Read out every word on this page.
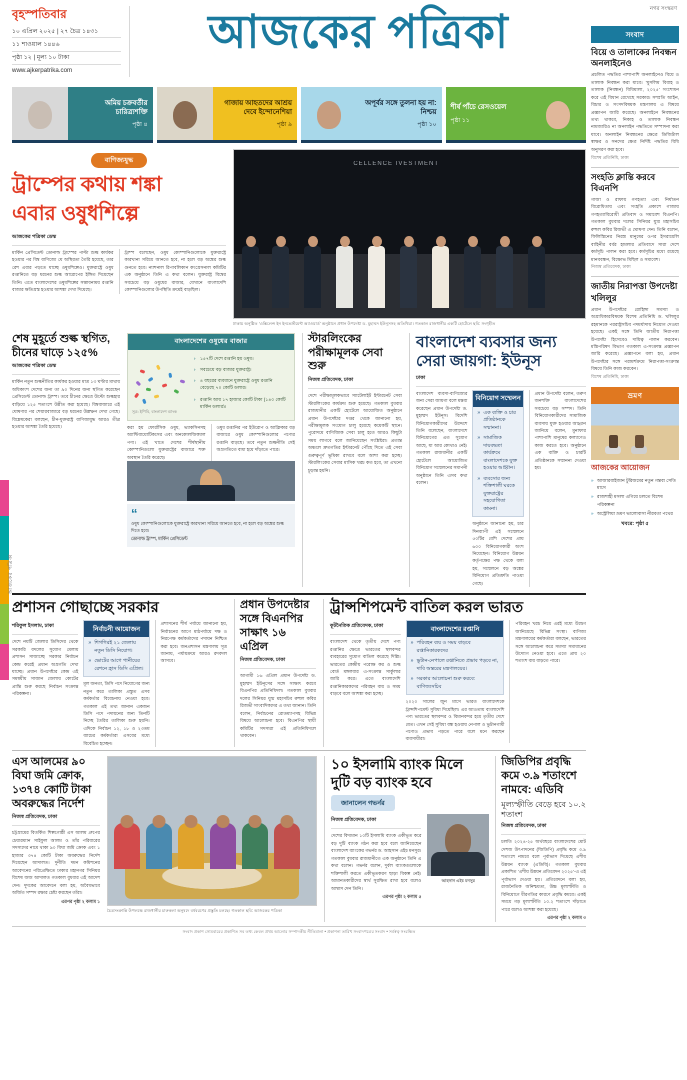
আজকের পত্রিকা
বৃহস্পতিবার
১০ এপ্রিল ২০২৫ | ২৭ চৈত্র ১৪৩১
১১ শাওয়াল ১৪৪৬
পৃষ্ঠা ১২ | মূল্য ১০ টাকা
www.ajkerpatrika.com
আজকের পত্রিকা	নগর সংস্করণ
সংবাদ
বিয়ে ও তালাকের নিবন্ধন অনলাইনেও
প্রচলিত পদ্ধতির পাশাপাশি অনলাইনেও বিয়ে ও তালাক নিবন্ধন করা যাবে। ‘মুসলিম বিবাহ ও তালাক (নিবন্ধন) বিধিমালা, ২০২৫’ সংশোধন করে এই বিধান রেখেছে সরকার। সম্প্রতি আইন, বিচার ও সংসদবিষয়ক মন্ত্রণালয় এ বিষয়ে প্রজ্ঞাপন জারি করেছে। অনলাইনে নিবন্ধনের তথ্য থাকবে, নিকাহ ও তালাক নিবন্ধন নামজারিও না অনলাইন পদ্ধতিতে সম্পাদনা করা যাবে। অনলাইন নিবন্ধনের ক্ষেত্রে ডিজিটাল স্বাক্ষর ও সনদের ক্ষেত্র নির্দিষ্ট পদ্ধতির বিধি অনুসরণ করা হবে।
বিশেষ প্রতিনিধি, ঢাকা
সংহতি ক্লান্তি করবে বিএনপি
গাজা ও রাফায় গণহত্যা এবং নির্যাতন বিরোধিতায় এবং সংহতি প্রকাশে গাজায় গণহত্যাবিরোধী প্রতিবাদ ও সমাবেশ বিএনপি। গতকাল বুধবার দলের সিনিয়র যুগ্ম মহাসচিব রুহুল কবির রিজভী এ ঘোষণা দেন। তিনি বলেন, ফিলিস্তিনের নিরস্ত্র মানুষের ওপর ইসরায়েলি বাহিনীর বর্বর হামলার প্রতিবাদে সারা দেশে কর্মসূচি পালন করা হবে। কর্মসূচির মধ্যে রয়েছে মানববন্ধন, বিক্ষোভ মিছিল ও সমাবেশ।
নিজস্ব প্রতিবেদক, ঢাকা
জাতীয় নিরাপত্তা উপদেষ্টা খলিলুর
প্রধান উপদেষ্টার রোহিঙ্গা সমস্যা ও অগ্রাধিকারবিষয়ক বিশেষ প্রতিনিধি ড. খলিলুর রহমানকে পররাষ্ট্রসচিব পদমর্যাদায় নিয়োগ দেওয়া হয়েছে। একই সঙ্গে তিনি জাতীয় নিরাপত্তা উপদেষ্টা হিসেবেও দায়িত্ব পালন করবেন। মন্ত্রিপরিষদ বিভাগ গতকাল এ-সংক্রান্ত প্রজ্ঞাপন জারি করেছে। প্রজ্ঞাপনে বলা হয়, প্রধান উপদেষ্টার সঙ্গে পরামর্শক্রমে নিরাপত্তা-সংক্রান্ত বিষয়ে তিনি কাজ করবেন।
বিশেষ প্রতিনিধি, ঢাকা
ভ্রমণ
আজকের আয়োজন
» আজারবাইজান টুরিজমের নতুন গন্তব্য সেতি মাসে
» রাজশাহী মসলা এগিয়ে চলতে বিশেষ পরিকল্পনা
» অস্ট্রেলিয়া ভ্রমণ ভালোবাসা নীরবতা পথের
খবরে: পৃষ্ঠা ৫
অমিয় চক্রবর্তীর চারিত্র্যশক্তি
পৃষ্ঠা ৪
গাজায় আহতদের আশ্রয় দেবে ইন্দোনেশিয়া
পৃষ্ঠা ৯
অপূর্বর সঙ্গে তুলনা হয় না: নিশ্চয়
পৃষ্ঠা ১০
শীর্ষ পাঁচে রেসওয়েল
পৃষ্ঠা ১১
বাণিজ্যযুদ্ধ
ট্রাম্পের কথায় শঙ্কা
এবার ওষুধশিল্পে
আজকের পত্রিকা ডেস্ক
মার্কিন প্রেসিডেন্ট ডোনাল্ড ট্রাম্পের পাল্টা শুল্ক কার্যকর হওয়ার পর বিশ্ব বাণিজ্যে যে অস্থিরতা তৈরি হয়েছে, তার রেশ এবার পড়তে যাচ্ছে ওষুধশিল্পেও। যুক্তরাষ্ট্রে ওষুধ রপ্তানিতে বড় ধরনের শুল্ক আরোপের ইঙ্গিত দিয়েছেন তিনি। এতে বাংলাদেশের ওষুধশিল্পের সম্ভাবনাময় রপ্তানি বাজার ক্ষতিগ্রস্ত হওয়ার আশঙ্কা দেখা দিয়েছে।
ট্রাম্প বলেছেন, ওষুধ কোম্পানিগুলোকে যুক্তরাষ্ট্রে কারখানা সরিয়ে আনতে হবে, না হলে বড় অঙ্কের শুল্ক গুনতে হবে। ন্যাশনাল রিপাবলিকান কংগ্রেসনাল কমিটির এক অনুষ্ঠানে তিনি এ কথা বলেন। যুক্তরাষ্ট্র বিশ্বের সবচেয়ে বড় ওষুধের বাজার, যেখানে বাংলাদেশি কোম্পানিগুলোর উপস্থিতি ক্রমেই বাড়ছিল।
CELLENCE IVESTMENT
ঢাকায় অনুষ্ঠিত ‘এক্সিলেন্স ইন ইনভেস্টমেন্ট অ্যাওয়ার্ড’ অনুষ্ঠানে প্রধান উপদেষ্টা ড. মুহাম্মদ ইউনূসসহ অতিথিরা। গতকাল রাজধানীর একটি হোটেলে ছবি: সংগৃহীত
শেষ মুহূর্তে শুল্ক স্থগিত, চীনের ঘাড়ে ১২৫%
আজকের পত্রিকা ডেস্ক
মার্কিন নতুন শুল্কনীতির কার্যকর হওয়ার মাত্র ১৩ ঘণ্টার মাথায় অধিকাংশ দেশের জন্য তা ৯০ দিনের জন্য স্থগিত করেছেন প্রেসিডেন্ট ডোনাল্ড ট্রাম্প। তবে চীনের ক্ষেত্রে উল্টো শুল্কহার বাড়িয়ে ১২৫ শতাংশে উন্নীত করা হয়েছে। বিশ্ববাজারে এই ঘোষণার পর শেয়ারবাজারে বড় ধরনের উল্লম্ফন দেখা গেছে। বিশ্লেষকেরা বলছেন, চীন-যুক্তরাষ্ট্র বাণিজ্যযুদ্ধ আরও তীব্র হওয়ার আশঙ্কা তৈরি হয়েছে।
বাংলাদেশের ওষুধের বাজার
› ১৫৭টি দেশে রপ্তানি হয় ওষুধ।
› সবচেয়ে বড় বাজার যুক্তরাষ্ট্র।
› ৪ বছরের ব্যবধানে যুক্তরাষ্ট্রে ওষুধ রপ্তানি বেড়েছে ৭০ কোটি ডলার।
› রপ্তানি আয় ১৭ হাজার কোটি টাকা (১৪০ কোটি মার্কিন ডলার)।
সূত্র: ইপিবি, বাংলাদেশ ব্যাংক
করা হয় ফোরাঁসিক ওষুধ, ভ্যাকসিনসহ অ্যান্টিবায়োটিকসের এবং অনকোলজিক্যাল পণ্য। এই খাতে দেশের শীর্ষস্থানীয় কোম্পানিগুলো যুক্তরাষ্ট্রের বাজারে শক্ত অবস্থান তৈরি করেছে।
ওষুধ রপ্তানির পর ইউরোপ ও আফ্রিকার বড় বাজারে ওষুধ কোম্পানিগুলোর পণ্যের রপ্তানি বাড়ছে। তবে নতুন শুল্কনীতি সেই অগ্রগতিতে বাধা হয়ে দাঁড়াতে পারে।
“
ওষুধ কোম্পানিগুলোকে যুক্তরাষ্ট্রে কারখানা সরিয়ে আনতে হবে, না হলে বড় অঙ্কের শুল্ক দিতে হবে।
ডোনাল্ড ট্রাম্প, মার্কিন প্রেসিডেন্ট
স্টারলিংকের পরীক্ষামূলক সেবা শুরু
নিজস্ব প্রতিবেদক, ঢাকা
দেশে পরীক্ষামূলকভাবে স্যাটেলাইট ইন্টারনেট সেবা স্টারলিংকের কার্যক্রম শুরু হয়েছে। গতকাল বুধবার রাজধানীর একটি হোটেলে আয়োজিত অনুষ্ঠানে প্রধান উপদেষ্টার দপ্তর থেকে জানানো হয়, পরীক্ষামূলক সংযোগ চালু হয়েছে কয়েকটি স্থানে। পুরোদমে বাণিজ্যিক সেবা চালু হতে আরও কিছুটা সময় লাগবে বলে জানিয়েছেন সংশ্লিষ্টরা। প্রত্যন্ত অঞ্চলে দ্রুতগতির ইন্টারনেট পৌঁছে দিতে এই সেবা গুরুত্বপূর্ণ ভূমিকা রাখবে বলে আশা করা হচ্ছে। স্টারলিংকের সেবার মাসিক খরচ কত হবে, তা এখনো চূড়ান্ত হয়নি।
বাংলাদেশ ব্যবসার জন্য
সেরা জায়গা: ইউনূস
ঢাকা
বাংলাদেশ ব্যবসা-বাণিজ্যের জন্য সেরা জায়গা বলে মন্তব্য করেছেন প্রধান উপদেষ্টা ড. মুহাম্মদ ইউনূস। বিদেশি বিনিয়োগকারীদের উদ্দেশে তিনি বলেছেন, বাংলাদেশে বিনিয়োগের এত সুযোগ আছে, যা আর কোথাও নেই। গতকাল রাজধানীর একটি হোটেলে আয়োজিত বিনিয়োগ সম্মেলনের সমাপনী অনুষ্ঠানে তিনি এসব কথা বলেন।
বিনিয়োগ সম্মেলন
» এক ব্যক্তি ও চার প্রতিষ্ঠানকে সম্মাননা।
» সামাজিক দায়বদ্ধতা কার্যক্রমে বাংলাদেশকে যুক্ত হওয়ার আহ্বান।
» ব্যবসাের জন্য শক্তিশালী ঘরকে যুক্তরাষ্ট্রের সহযোগিতা কামনা।
অনুষ্ঠানে জানানো হয়, চার দিনব্যাপী এই সম্মেলনে ৫০টির বেশি দেশের প্রায় ৬০০ বিনিয়োগকারী অংশ নিয়েছেন। বিনিয়োগ উন্নয়ন কর্তৃপক্ষের পক্ষ থেকে বলা হয়, সম্মেলনে বড় অঙ্কের বিনিয়োগ প্রতিশ্রুতি পাওয়া গেছে।
প্রধান উপদেষ্টা বলেন, তরুণ জনশক্তি বাংলাদেশের সবচেয়ে বড় সম্পদ। তিনি বিনিয়োগকারীদের সামাজিক ব্যবসায় যুক্ত হওয়ার আহ্বান জানিয়ে বলেন, মুনাফার পাশাপাশি মানুষের কল্যাণেও কাজ করতে হবে। অনুষ্ঠানে এক ব্যক্তি ও চারটি প্রতিষ্ঠানকে সম্মাননা দেওয়া হয়।
প্রশাসন গোছাচ্ছে সরকার
শরিফুল ইসলাম, ঢাকা
দেশে নয়টি জেলার ডিসিদের থেকে সরকারি বদলের সুযোগ মেলায় প্রশাসন সাজাচ্ছে সরকার নির্বাচন কেন্দ্র করেই প্রধান অগ্রগতি দেখা যাচ্ছে। প্রধান উপদেষ্টার কেন্দ্র এই সমন্বয়ীয় সাজান জেলায় কোটের প্রান্তি শুরু করছে নির্বাচন সংক্রান্ত পরিকল্পনা।
নির্বাচনী আয়োজন
» শিগগিরই ২১ জেলায় নতুন ডিসি নিয়োগ।
» ভোটের আগে পানীয়ের রেশনে হ্রাস ডিসি এপ্রিল।
মূল জনতা, ডিসি পদে নিয়োগের জন্য নতুন করে তালিকা প্রস্তুত এসব কর্মকর্তার বিবেচনায় নেওয়া হবে। গতকাল এই তথ্য জানান একজন ডিসি পদে পদায়নের জন্য তিনটি নিচ্ছে তৈরির তালিকা শুরু হয়নি। এদিকে নির্বাচন ১২, ১৮ ও ২৩তম ব্যাচের কর্মকর্তারা এসবের মধ্যে বিবেচিত হচ্ছেন।
প্রশাসনের শীর্ষ পর্যায়ে জানানো হয়, নির্বাচনের আগে মাঠপর্যায়ে দক্ষ ও নিরপেক্ষ কর্মকর্তাদের পদায়ন নিশ্চিত করা হবে। জনপ্রশাসন মন্ত্রণালয় সূত্র জানায়, পর্যায়ক্রমে আরও রদবদল আসবে।
প্রধান উপদেষ্টার
সঙ্গে বিএনপির
সাক্ষাৎ ১৬ এপ্রিল
নিজস্ব প্রতিবেদক, ঢাকা
আগামী ১৬ এপ্রিল প্রধান উপদেষ্টা ড. মুহাম্মদ ইউনূসের সঙ্গে সাক্ষাৎ করবে বিএনপির প্রতিনিধিদল। গতকাল বুধবার দলের সিনিয়র যুগ্ম মহাসচিব রুহুল কবির রিজভী সাংবাদিকদের এ তথ্য জানান। তিনি বলেন, নির্বাচনের রোডম্যাপসহ বিভিন্ন বিষয়ে আলোচনা হবে। বিএনপির স্থায়ী কমিটির সদস্যরা এই প্রতিনিধিদলে থাকবেন।
ট্রান্সশিপমেন্ট বাতিল করল ভারত
কূটনৈতিক প্রতিবেদক, ঢাকা
বাংলাদেশ থেকে তৃতীয় দেশে পণ্য রপ্তানির ক্ষেত্রে ভারতের স্থলবন্দর ব্যবহারের সুযোগ বাতিল করেছে দিল্লি। ভারতের কেন্দ্রীয় পরোক্ষ কর ও শুল্ক বোর্ড মঙ্গলবার এ-সংক্রান্ত সার্কুলার জারি করে। এতে বাংলাদেশি রপ্তানিকারকদের পরিবহন ব্যয় ও সময় বাড়বে বলে আশঙ্কা করা হচ্ছে।
বাংলাদেশের রপ্তানি
» পরিবহন ব্যয় ও সময় বাড়বে রপ্তানিকারকদের
» ভুটান-নেপালে রপ্তানিতে প্রভাব পড়বে না, দাবি অন্তরের মন্ত্রণালয়ের।
» সরকার আলোচনা শুরু করবে: বাণিজ্যসচিব
২০২০ সালের জুন মাসে ভারত বাংলাদেশকে ট্রান্সশিপমেন্ট সুবিধা দিয়েছিল। এর আওতায় বাংলাদেশি পণ্য ভারতের স্থলবন্দর ও বিমানবন্দর হয়ে তৃতীয় দেশে যেত। এখন সেই সুবিধা বন্ধ হওয়ায় নেপাল ও ভুটানগামী পণ্যেও প্রভাব পড়তে পারে বলে মনে করছেন ব্যবসায়ীরা।
পরিবহন খরচ নিয়ে এরই মধ্যে উদ্বেগ জানিয়েছে বিভিন্ন সংস্থা। বাণিজ্য মন্ত্রণালয়ের কর্মকর্তারা বলছেন, ভারতের সঙ্গে আলোচনা করে সমস্যা সমাধানের উদ্যোগ নেওয়া হবে। এতে প্রায় ২০ শতাংশ ব্যয় বাড়তে পারে।
এস আলমের ৯০ বিঘা জমি ক্রোক, ১৩৭৪ কোটি টাকা অবরুদ্ধের নির্দেশ
নিজস্ব প্রতিবেদক, ঢাকা
চট্টগ্রামের বিতর্কিত শিল্পগোষ্ঠী এস আলম গ্রুপের চেয়ারম্যান সাইফুল আলম ও তাঁর পরিবারের সদস্যদের নামে থাকা ৯০ বিঘা জমি ক্রোক এবং ১ হাজার ৩৭৪ কোটি টাকা অবরুদ্ধের নির্দেশ দিয়েছেন আদালত। দুর্নীতি দমন কমিশনের আবেদনের পরিপ্রেক্ষিতে ঢাকার মহানগর সিনিয়র বিশেষ জজ আদালত গতকাল বুধবার এই আদেশ দেন। দুদকের আবেদনে বলা হয়, অবৈধভাবে অর্জিত সম্পদ রক্ষার চেষ্টা করছেন তাঁরা।
এরপর পৃষ্ঠা ২ কলাম ১
চৈত্রসংক্রান্তি উপলক্ষে রাজধানীর চারুকলা অনুষদে বর্ষবরণের প্রস্তুতি চলছে। গতকাল ছবি: আজকের পত্রিকা
১০ ইসলামি ব্যাংক মিলে
দুটি বড় ব্যাংক হবে
জানালেন গভর্নর
নিজস্ব প্রতিবেদক, ঢাকা
দেশের বিদ্যমান ১০টি ইসলামি ব্যাংক একীভূত করে বড় দুটি ব্যাংক গঠন করা হবে বলে জানিয়েছেন বাংলাদেশ ব্যাংকের গভর্নর ড. আহসান এইচ মনসুর। গতকাল বুধবার রাজধানীতে এক অনুষ্ঠানে তিনি এ কথা বলেন। গভর্নর বলেন, দুর্বল ব্যাংকগুলোকে শক্তিশালী করতে একীভূতকরণ ছাড়া বিকল্প নেই। আমানতকারীদের স্বার্থ সুরক্ষিত রাখা হবে বলেও আশ্বাস দেন তিনি।
এরপর পৃষ্ঠা ২ কলাম ৫
আহসান এইচ মনসুর
জিডিপির প্রবৃদ্ধি
কমে ৩.৯ শতাংশে
নামবে: এডিবি
মূল্যস্ফীতি বেড়ে হবে ১০.২ শতাংশ
নিজস্ব প্রতিবেদক, ঢাকা
চলতি ২০২৪-২৫ অর্থবছরে বাংলাদেশের মোট দেশজ উৎপাদনের (জিডিপি) প্রবৃদ্ধি কমে ৩.৯ শতাংশে নামবে বলে পূর্বাভাস দিয়েছে এশীয় উন্নয়ন ব্যাংক (এডিবি)। গতকাল বুধবার প্রকাশিত ‘এশীয় উন্নয়ন প্রতিবেদন ২০২৫’-এ এই পূর্বাভাস দেওয়া হয়। প্রতিবেদনে বলা হয়, রাজনৈতিক অনিশ্চয়তা, উচ্চ মূল্যস্ফীতি ও বিনিয়োগে ধীরগতির কারণে প্রবৃদ্ধি কমবে। একই সময়ে গড় মূল্যস্ফীতি ১০.২ শতাংশে দাঁড়াতে পারে বলেও আশঙ্কা করা হয়েছে।
এরপর পৃষ্ঠা ২ কলাম ৩
সংবাদ প্রকাশ সোমবারের প্রকাশিত সব তথ্য কেবল প্রথম আলোর সম্পাদকীয় নীতিমালা • প্রকাশনা তারিখ সংবাদপত্রের সংবাদ • সর্বস্বত্ব সংরক্ষিত
